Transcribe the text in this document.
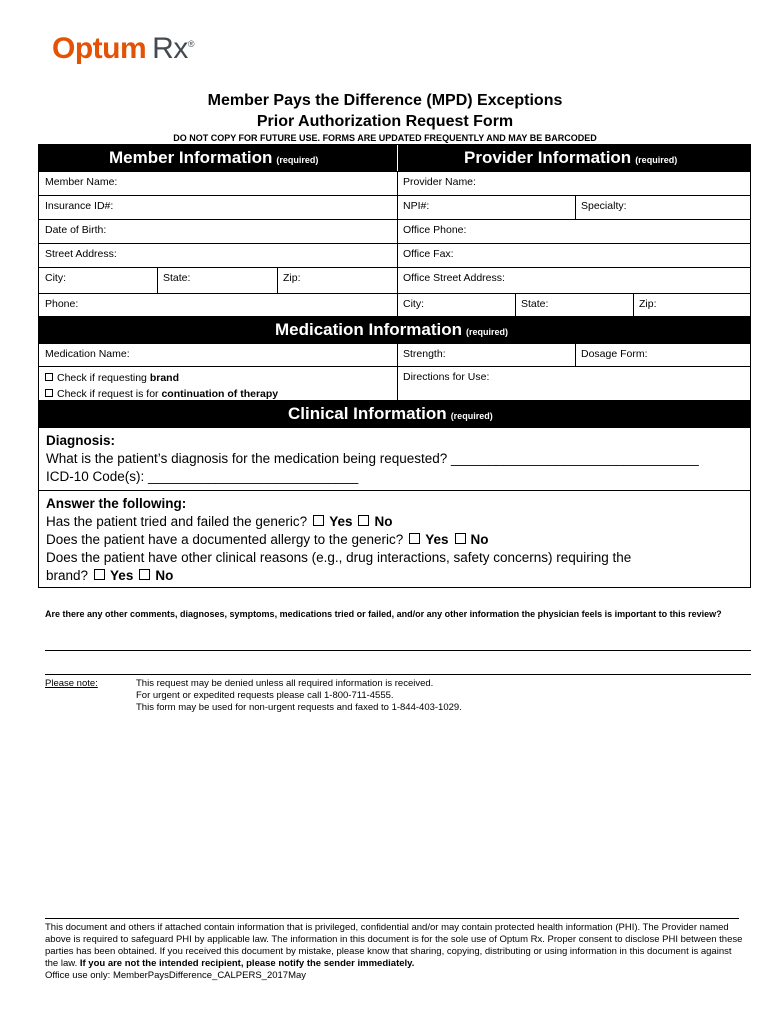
Optum Rx®
Member Pays the Difference (MPD) Exceptions
Prior Authorization Request Form
DO NOT COPY FOR FUTURE USE. FORMS ARE UPDATED FREQUENTLY AND MAY BE BARCODED
Member Information (required)	Provider Information (required)
Member Name:	Provider Name:
Insurance ID#:	NPI#:	Specialty:
Date of Birth:	Office Phone:
Street Address:	Office Fax:
City:	State:	Zip:	Office Street Address:
Phone:	City:	State:	Zip:
Medication Information (required)
Medication Name:	Strength:	Dosage Form:
Check if requesting brand
Check if request is for continuation of therapy
Directions for Use:
Clinical Information (required)
Diagnosis:
What is the patient’s diagnosis for the medication being requested? _________________________________
ICD-10 Code(s): ____________________________
Answer the following:
Has the patient tried and failed the generic? Yes No
Does the patient have a documented allergy to the generic? Yes No
Does the patient have other clinical reasons (e.g., drug interactions, safety concerns) requiring the
brand? Yes No
Are there any other comments, diagnoses, symptoms, medications tried or failed, and/or any other information the physician feels is important to this review?
Please note:	This request may be denied unless all required information is received.
For urgent or expedited requests please call 1-800-711-4555.
This form may be used for non-urgent requests and faxed to 1-844-403-1029.
This document and others if attached contain information that is privileged, confidential and/or may contain protected health information (PHI). The Provider named above is required to safeguard PHI by applicable law. The information in this document is for the sole use of Optum Rx. Proper consent to disclose PHI between these parties has been obtained. If you received this document by mistake, please know that sharing, copying, distributing or using information in this document is against the law. If you are not the intended recipient, please notify the sender immediately.
Office use only: MemberPaysDifference_CALPERS_2017May
